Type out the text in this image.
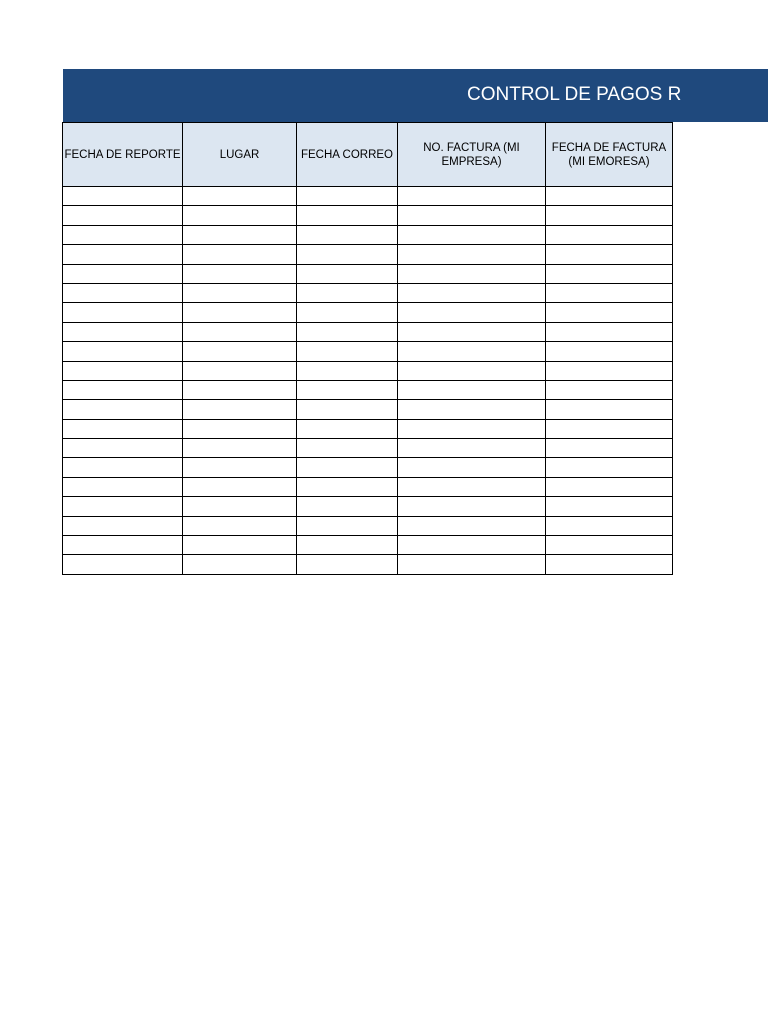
CONTROL DE PAGOS R
FECHA DE REPORTE	LUGAR	FECHA CORREO	NO. FACTURA (MI EMPRESA)	FECHA DE FACTURA (MI EMORESA)
